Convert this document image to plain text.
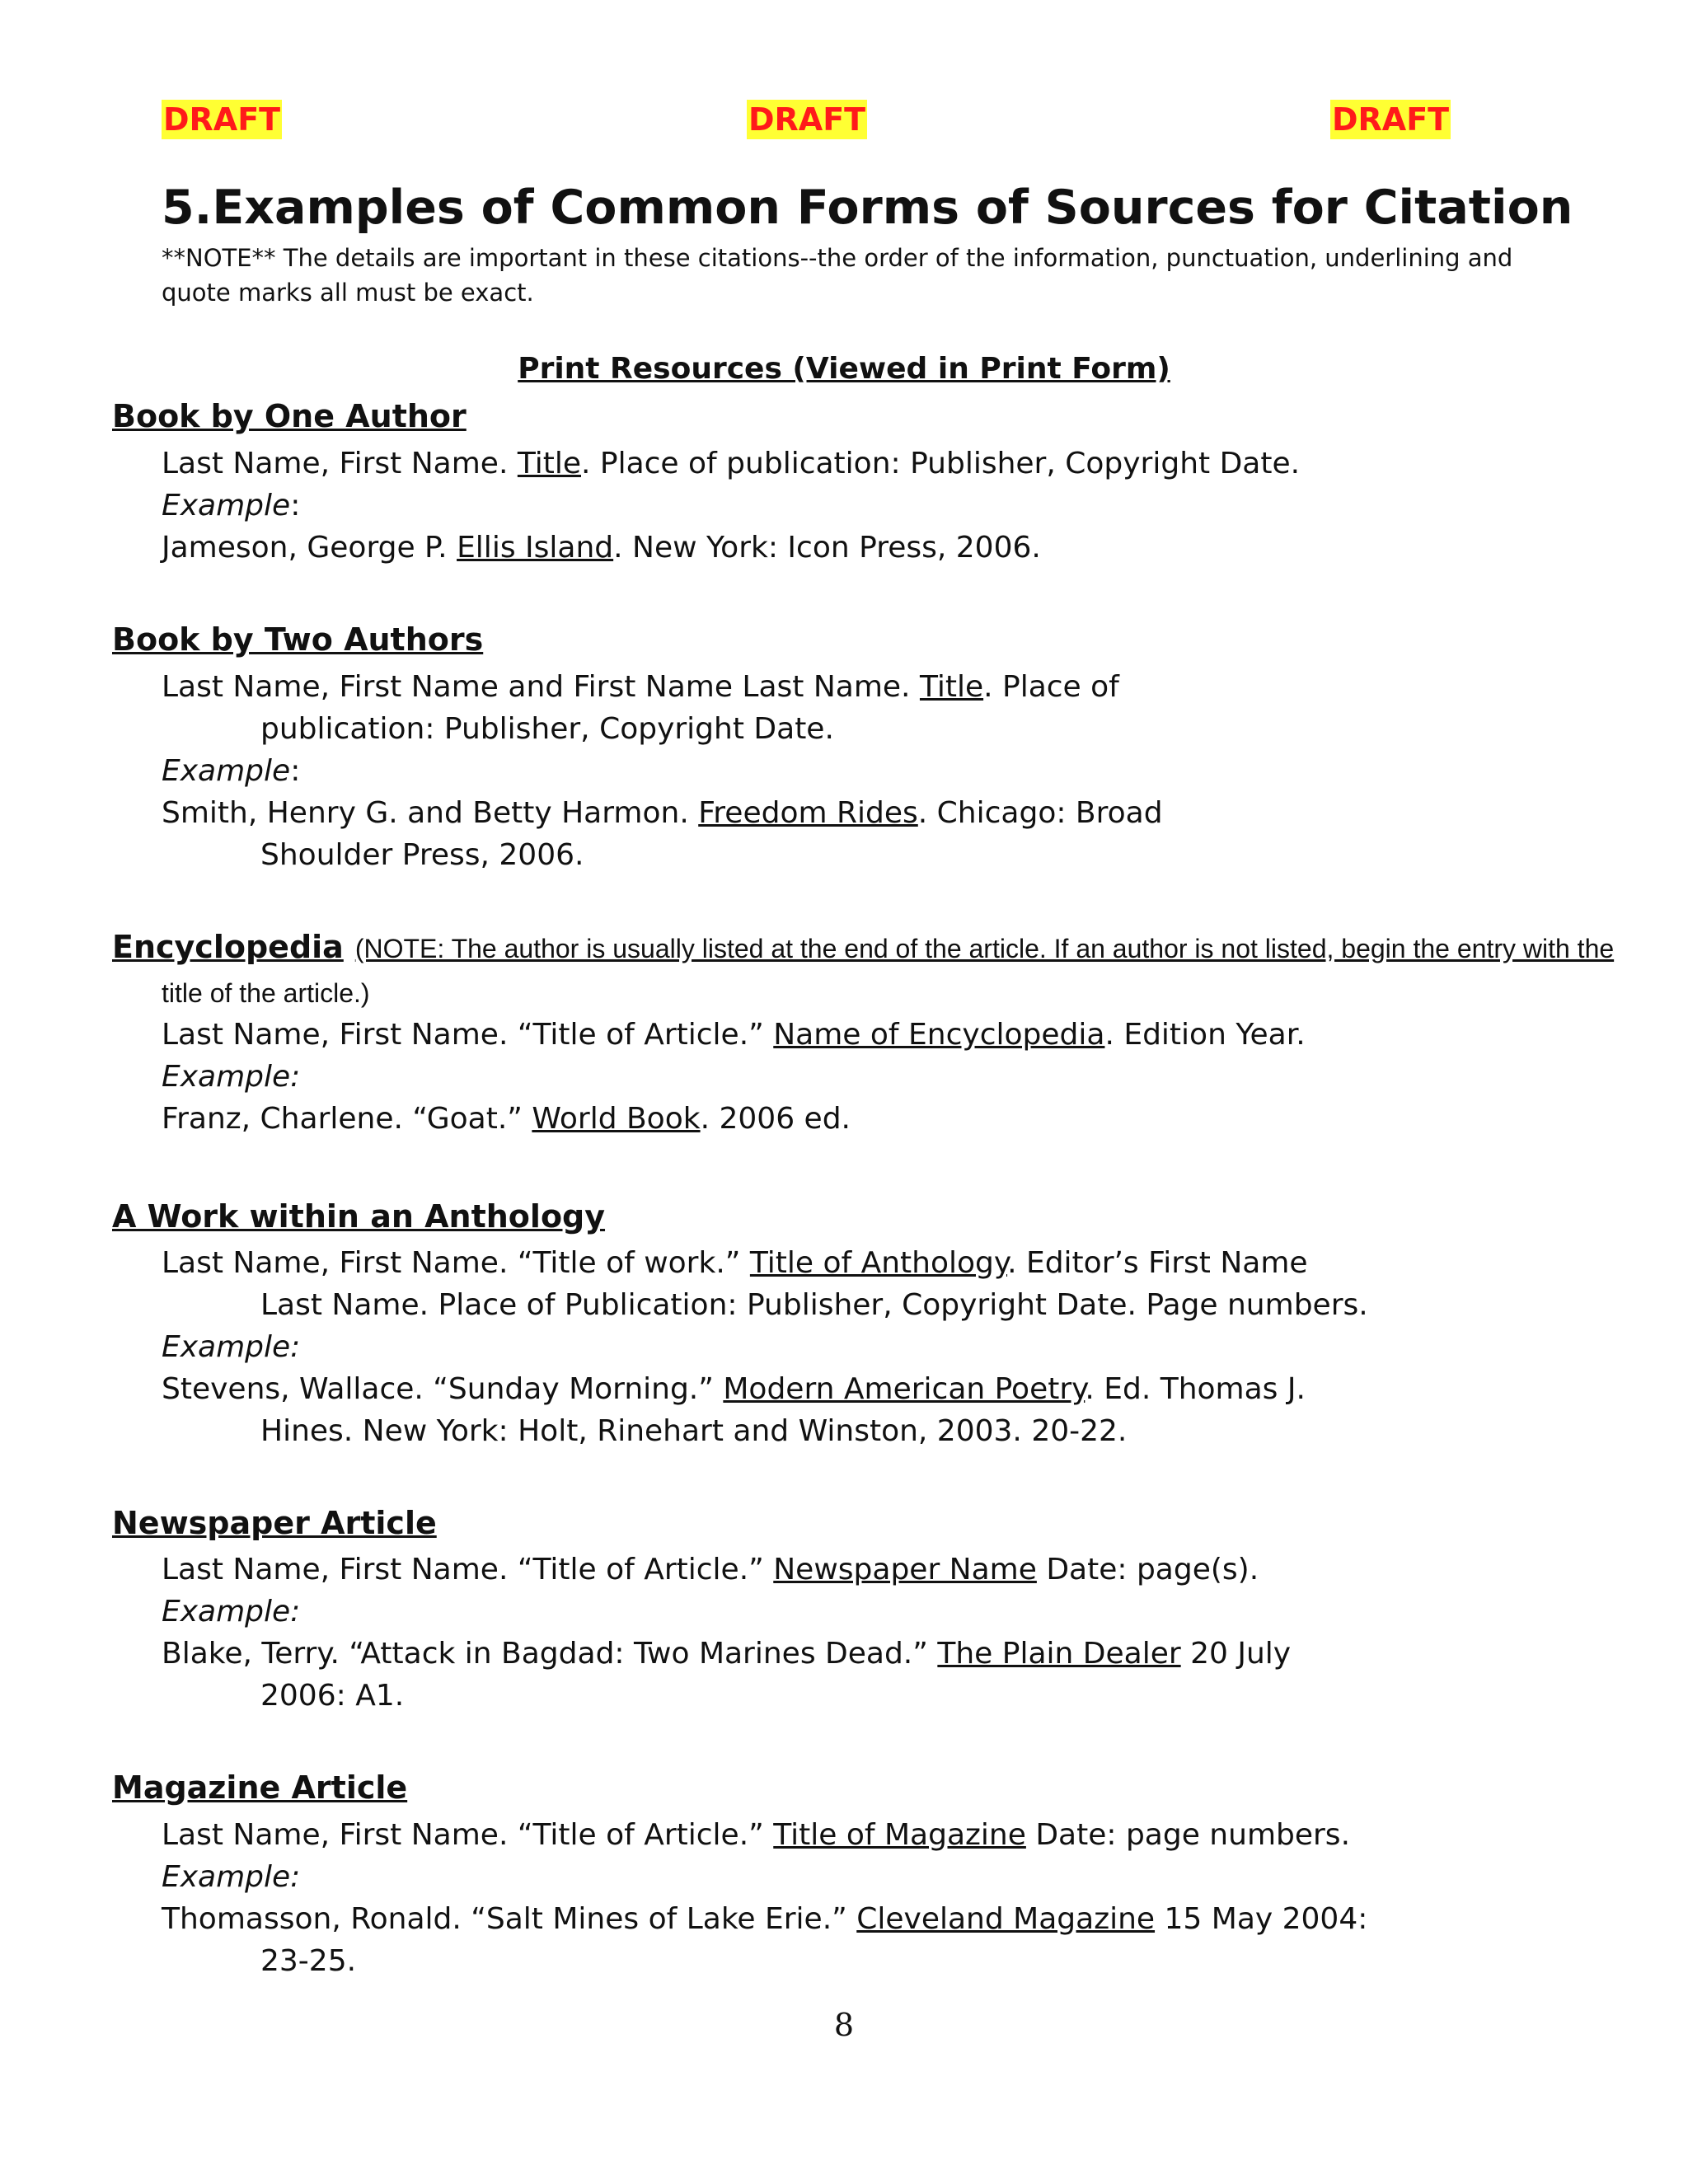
DRAFT	DRAFT	DRAFT
5.Examples of Common Forms of Sources for Citation
**NOTE** The details are important in these citations--the order of the information, punctuation, underlining and quote marks all must be exact.
Print Resources (Viewed in Print Form)
Book by One Author
Last Name, First Name. Title. Place of publication: Publisher, Copyright Date.
Example:
Jameson, George P. Ellis Island. New York: Icon Press, 2006.
Book by Two Authors
Last Name, First Name and First Name Last Name. Title. Place of
publication: Publisher, Copyright Date.
Example:
Smith, Henry G. and Betty Harmon. Freedom Rides. Chicago: Broad
Shoulder Press, 2006.
Encyclopedia (NOTE: The author is usually listed at the end of the article. If an author is not listed, begin the entry with the
title of the article.)
Last Name, First Name. “Title of Article.” Name of Encyclopedia. Edition Year.
Example:
Franz, Charlene. “Goat.” World Book. 2006 ed.
A Work within an Anthology
Last Name, First Name. “Title of work.” Title of Anthology. Editor’s First Name
Last Name. Place of Publication: Publisher, Copyright Date. Page numbers.
Example:
Stevens, Wallace. “Sunday Morning.” Modern American Poetry. Ed. Thomas J.
Hines. New York: Holt, Rinehart and Winston, 2003. 20-22.
Newspaper Article
Last Name, First Name. “Title of Article.” Newspaper Name Date: page(s).
Example:
Blake, Terry. “Attack in Bagdad: Two Marines Dead.” The Plain Dealer 20 July
2006: A1.
Magazine Article
Last Name, First Name. “Title of Article.” Title of Magazine Date: page numbers.
Example:
Thomasson, Ronald. “Salt Mines of Lake Erie.” Cleveland Magazine 15 May 2004:
23-25.
8
